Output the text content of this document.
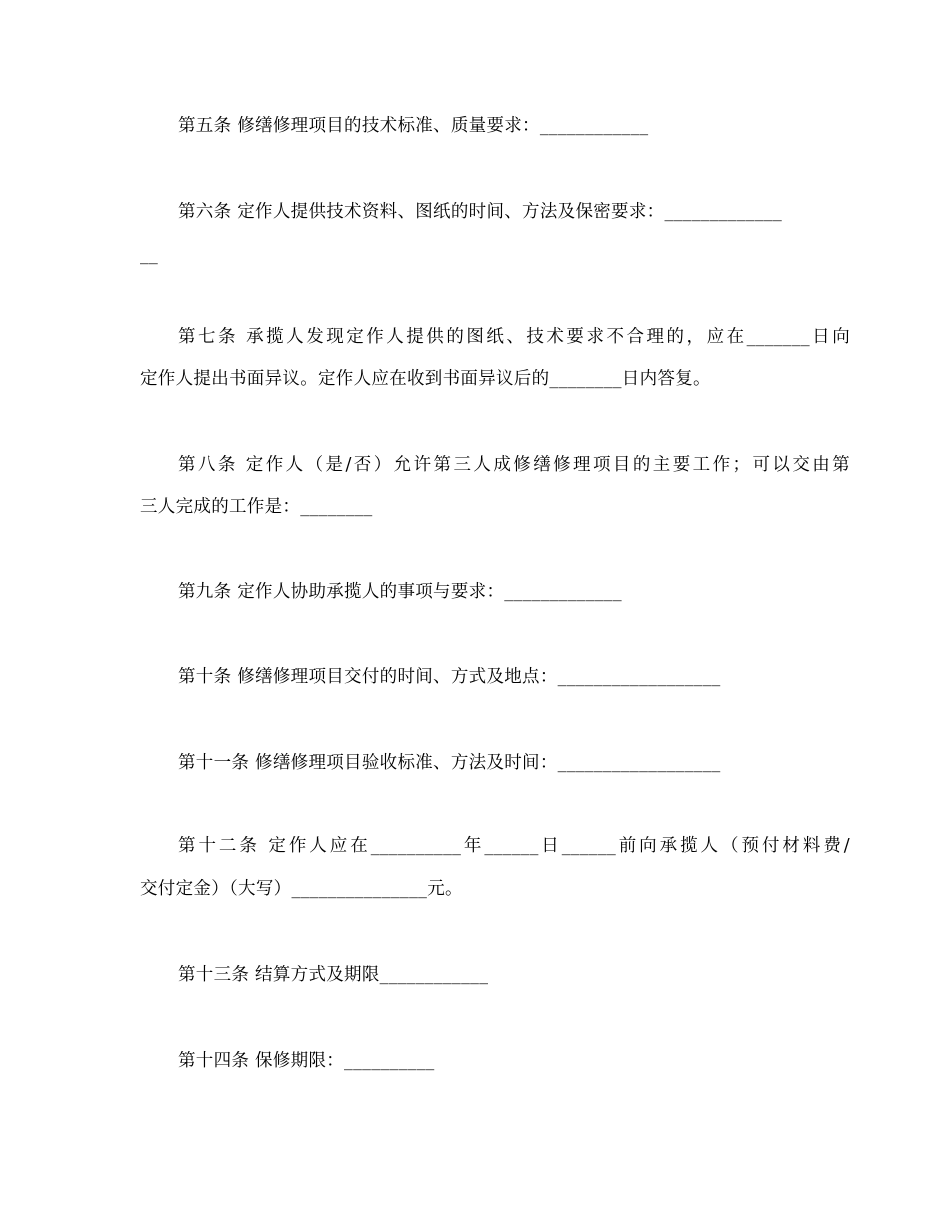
第五条 修缮修理项目的技术标准、质量要求：____________
第六条 定作人提供技术资料、图纸的时间、方法及保密要求：_____________
__
第七条 承揽人发现定作人提供的图纸、技术要求不合理的，应在_______日向
定作人提出书面异议。定作人应在收到书面异议后的________日内答复。
第八条 定作人（是/否）允许第三人成修缮修理项目的主要工作；可以交由第
三人完成的工作是：________
第九条 定作人协助承揽人的事项与要求：_____________
第十条 修缮修理项目交付的时间、方式及地点：__________________
第十一条 修缮修理项目验收标准、方法及时间：__________________
第十二条 定作人应在__________年______日______前向承揽人（预付材料费/
交付定金）（大写）_______________元。
第十三条 结算方式及期限____________
第十四条 保修期限：__________
